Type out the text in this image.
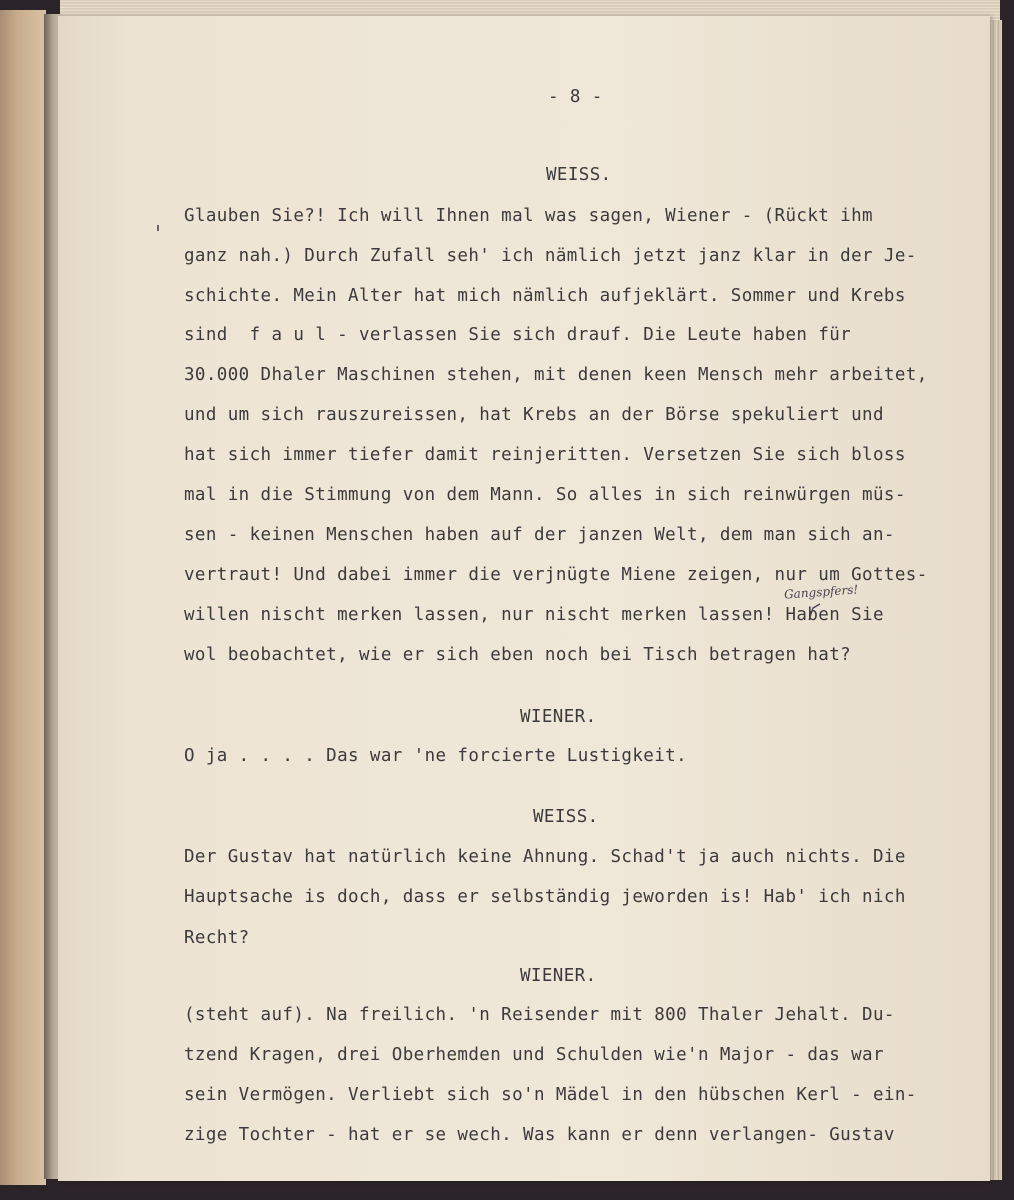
- 8 -
WEISS.
Glauben Sie?! Ich will Ihnen mal was sagen, Wiener - (Rückt ihm
ganz nah.) Durch Zufall seh' ich nämlich jetzt janz klar in der Je-
schichte. Mein Alter hat mich nämlich aufjeklärt. Sommer und Krebs
sind  f a u l - verlassen Sie sich drauf. Die Leute haben für
30.000 Dhaler Maschinen stehen, mit denen keen Mensch mehr arbeitet,
und um sich rauszureissen, hat Krebs an der Börse spekuliert und
hat sich immer tiefer damit reinjeritten. Versetzen Sie sich bloss
mal in die Stimmung von dem Mann. So alles in sich reinwürgen müs-
sen - keinen Menschen haben auf der janzen Welt, dem man sich an-
vertraut! Und dabei immer die verjnügte Miene zeigen, nur um Gottes-
willen nischt merken lassen, nur nischt merken lassen! Haben Sie
wol beobachtet, wie er sich eben noch bei Tisch betragen hat?
Gangspfers!
WIENER.
O ja . . . . Das war 'ne forcierte Lustigkeit.
WEISS.
Der Gustav hat natürlich keine Ahnung. Schad't ja auch nichts. Die
Hauptsache is doch, dass er selbständig jeworden is! Hab' ich nich
Recht?
WIENER.
(steht auf). Na freilich. 'n Reisender mit 800 Thaler Jehalt. Du-
tzend Kragen, drei Oberhemden und Schulden wie'n Major - das war
sein Vermögen. Verliebt sich so'n Mädel in den hübschen Kerl - ein-
zige Tochter - hat er se wech. Was kann er denn verlangen- Gustav
